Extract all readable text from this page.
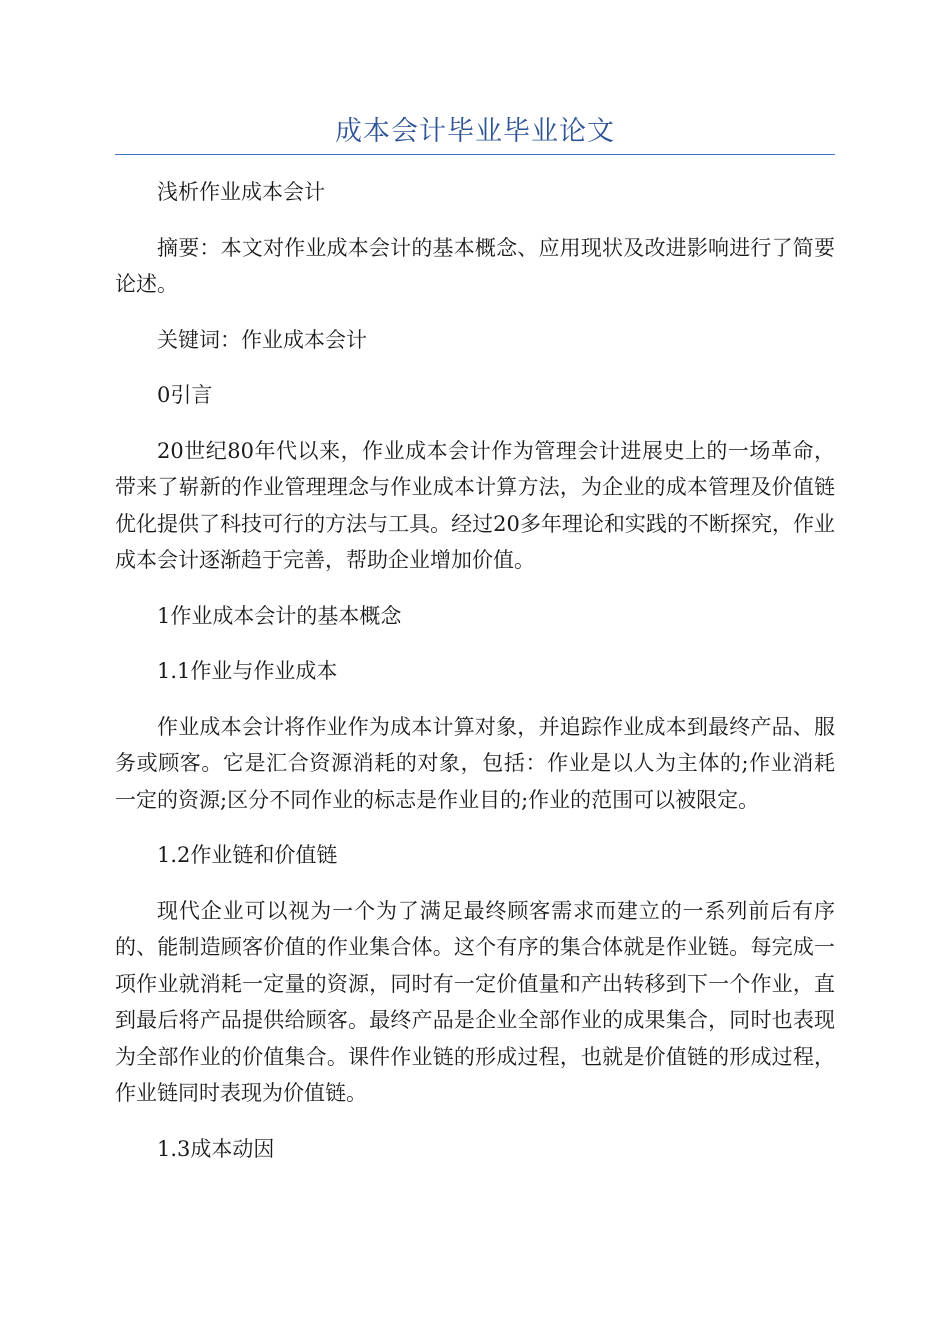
成本会计毕业毕业论文

浅析作业成本会计

摘要：本文对作业成本会计的基本概念、应用现状及改进影响进行了简要论述。

关键词：作业成本会计

0引言

20世纪80年代以来，作业成本会计作为管理会计进展史上的一场革命，带来了崭新的作业管理理念与作业成本计算方法，为企业的成本管理及价值链优化提供了科技可行的方法与工具。经过20多年理论和实践的不断探究，作业成本会计逐渐趋于完善，帮助企业增加价值。

1作业成本会计的基本概念

1.1作业与作业成本

作业成本会计将作业作为成本计算对象，并追踪作业成本到最终产品、服务或顾客。它是汇合资源消耗的对象，包括：作业是以人为主体的;作业消耗一定的资源;区分不同作业的标志是作业目的;作业的范围可以被限定。

1.2作业链和价值链

现代企业可以视为一个为了满足最终顾客需求而建立的一系列前后有序的、能制造顾客价值的作业集合体。这个有序的集合体就是作业链。每完成一项作业就消耗一定量的资源，同时有一定价值量和产出转移到下一个作业，直到最后将产品提供给顾客。最终产品是企业全部作业的成果集合，同时也表现为全部作业的价值集合。课件作业链的形成过程，也就是价值链的形成过程，作业链同时表现为价值链。

1.3成本动因
